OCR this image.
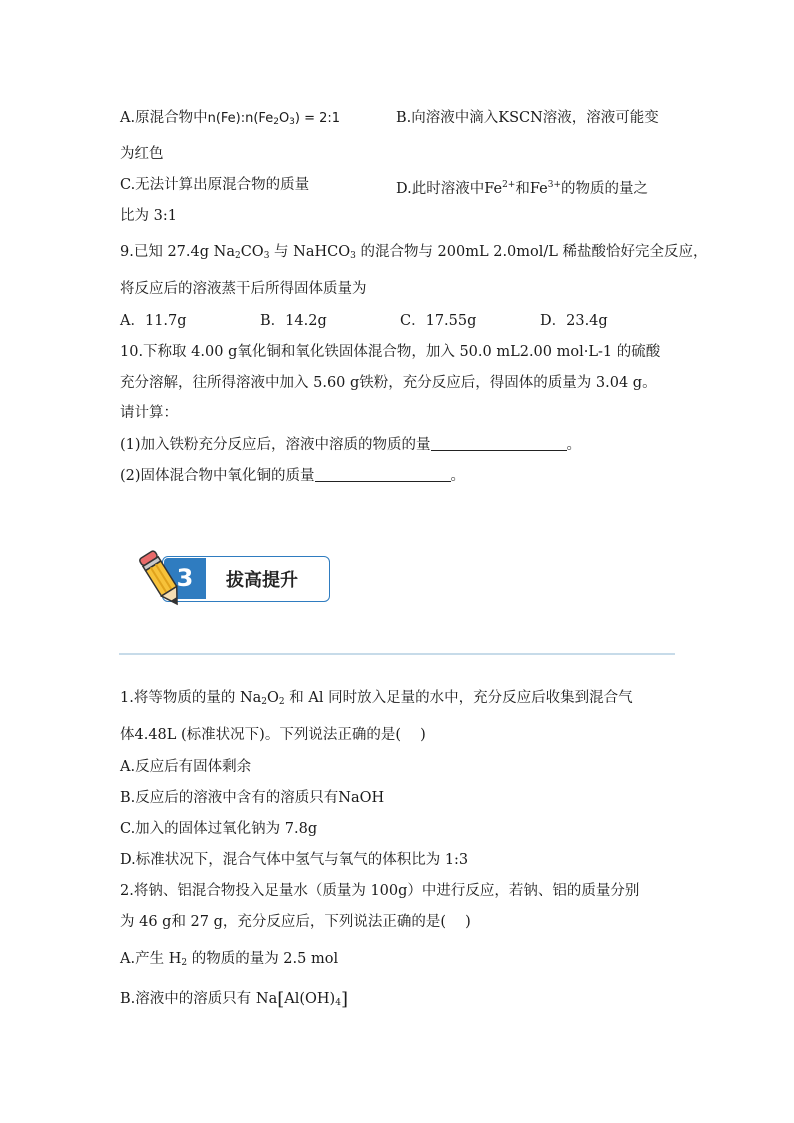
A.原混合物中$n(Fe):n(Fe_2O_3)$ = 2:1	B.向溶液中滴入KSCN溶液，溶液可能变
为红色
C.无法计算出原混合物的质量	D.此时溶液中$Fe^{2+}$和$Fe^{3+}$的物质的量之
比为 3:1
9.已知 27.4g $Na_2CO_3$ 与 NaHCO$_3$ 的混合物与 200mL 2.0mol/L 稀盐酸恰好完全反应，
将反应后的溶液蒸干后所得固体质量为
A．11.7g	B．14.2g	C．17.55g	D．23.4g
10.下称取 4.00 g氧化铜和氧化铁固体混合物，加入 50.0 mL2.00 mol·L-1 的硫酸
充分溶解，往所得溶液中加入 5.60 g铁粉，充分反应后，得固体的质量为 3.04 g。
请计算：
(1)加入铁粉充分反应后，溶液中溶质的物质的量	。
(2)固体混合物中氧化铜的质量	。
3	拔高提升
1.将等物质的量的 $Na_2O_2$ 和 Al 同时放入足量的水中，充分反应后收集到混合气
体4.48L (标准状况下)。下列说法正确的是(　 )
A.反应后有固体剩余
B.反应后的溶液中含有的溶质只有NaOH
C.加入的固体过氧化钠为 7.8g
D.标准状况下，混合气体中氢气与氧气的体积比为 1:3
2.将钠、铝混合物投入足量水（质量为 100g）中进行反应，若钠、铝的质量分别
为 46 g和 27 g，充分反应后，下列说法正确的是(　 )
A.产生 $H_2$ 的物质的量为 2.5 mol
B.溶液中的溶质只有 $Na[Al(OH)_4]$
